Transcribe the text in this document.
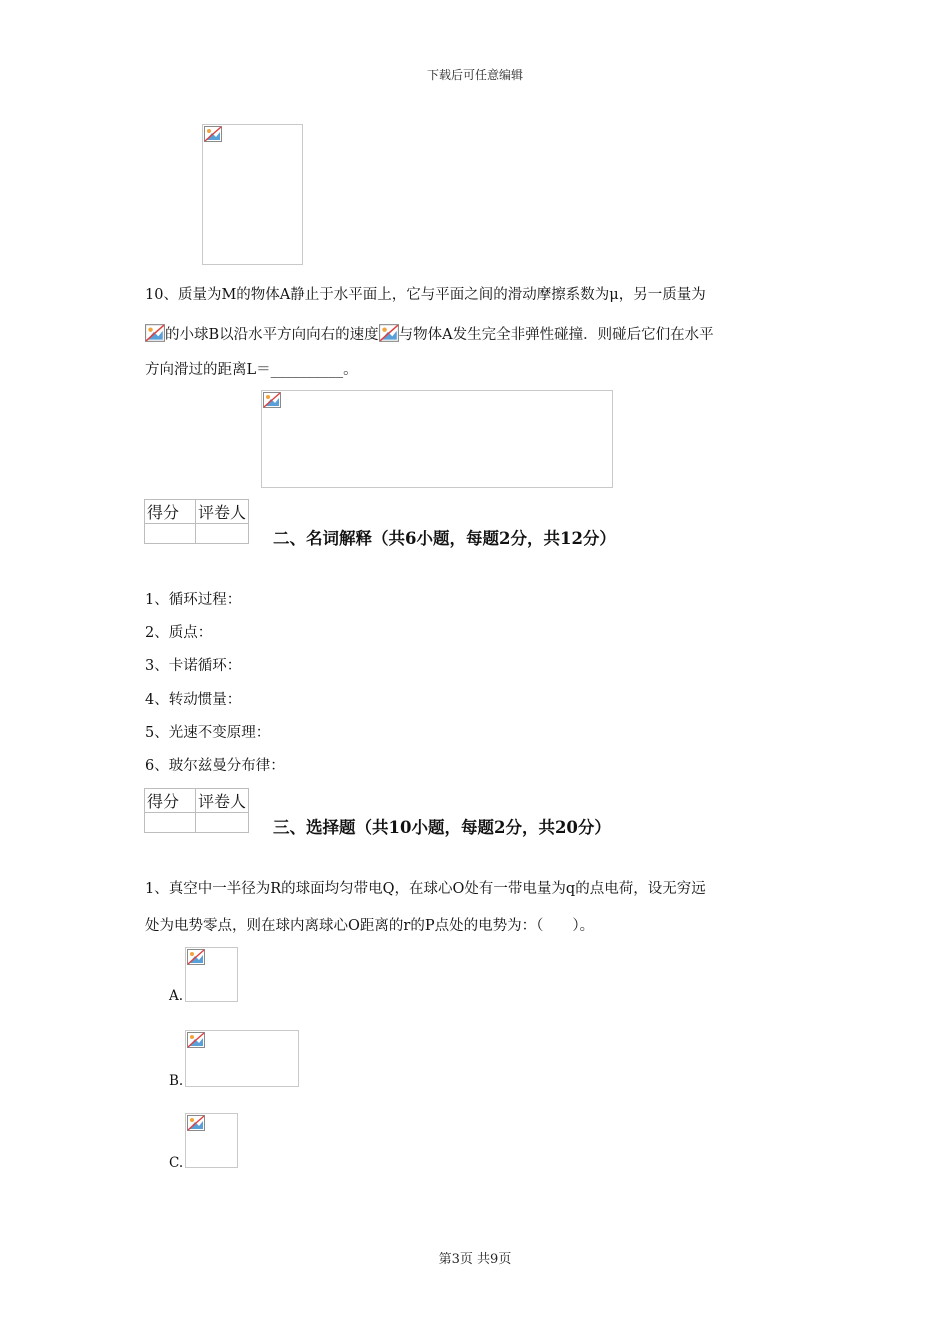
下载后可任意编辑
10、质量为M的物体A静止于水平面上，它与平面之间的滑动摩擦系数为μ，另一质量为
的小球B以沿水平方向向右的速度 与物体A发生完全非弹性碰撞．则碰后它们在水平
方向滑过的距离L＝__________。
得分	评卷人

二、名词解释（共6小题，每题2分，共12分）
1、循环过程：
2、质点：
3、卡诺循环：
4、转动惯量：
5、光速不变原理：
6、玻尔兹曼分布律：
得分	评卷人

三、选择题（共10小题，每题2分，共20分）
1、真空中一半径为R的球面均匀带电Q，在球心O处有一带电量为q的点电荷，设无穷远
处为电势零点，则在球内离球心O距离的r的P点处的电势为：（　　）。
A.
B.
C.
第3页 共9页
